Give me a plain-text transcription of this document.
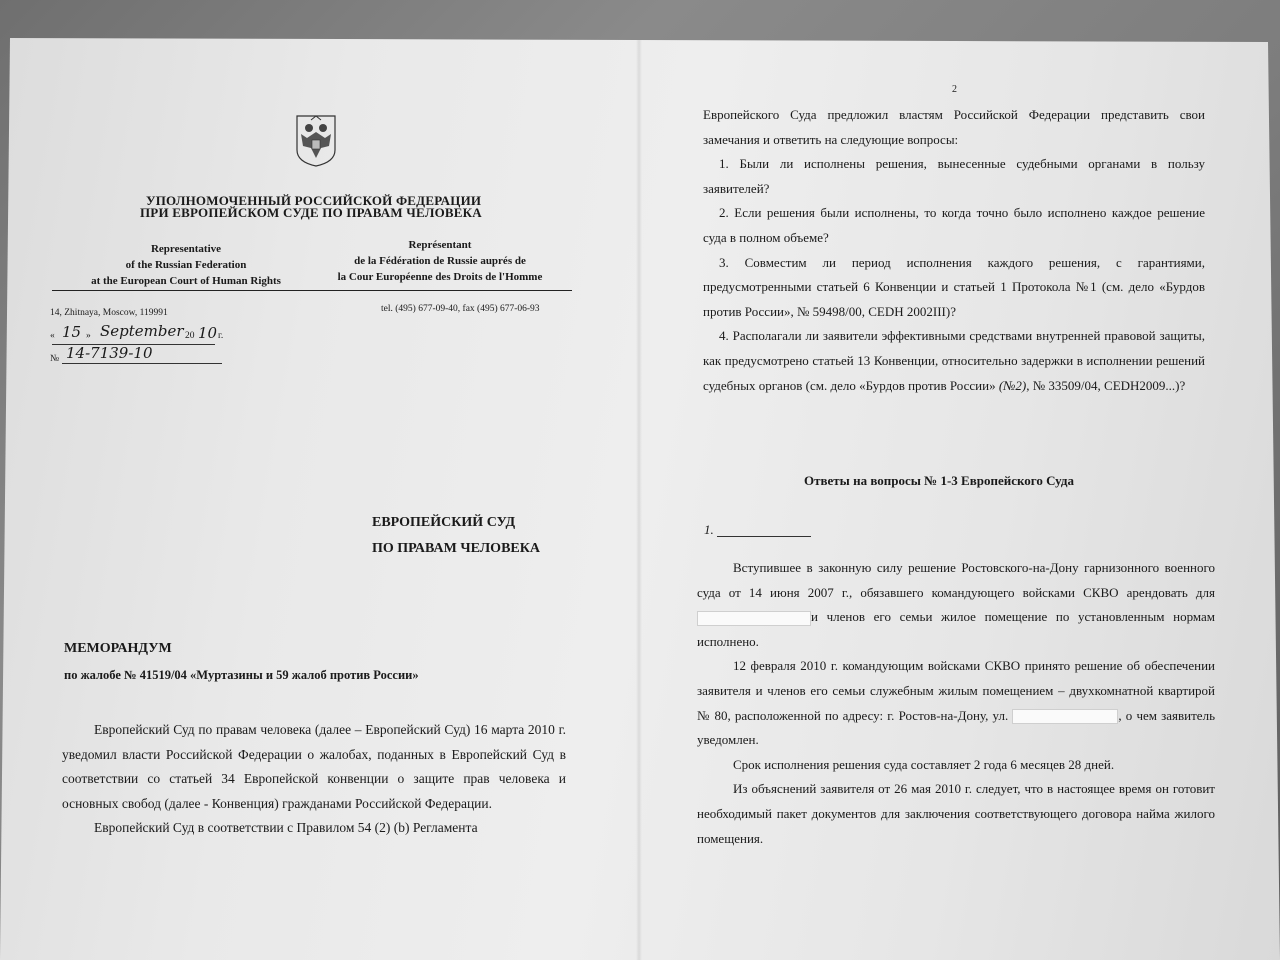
УПОЛНОМОЧЕННЫЙ РОССИЙСКОЙ ФЕДЕРАЦИИ
ПРИ ЕВРОПЕЙСКОМ СУДЕ ПО ПРАВАМ ЧЕЛОВЕКА
Representative
of the Russian Federation
at the European Court of Human Rights
Représentant
de la Fédération de Russie auprés de
la Cour Européenne des Droits de l'Homme
14, Zhitnaya, Moscow, 119991	tel. (495) 677-09-40, fax (495) 677-06-93
« 15 » September 20 10 г.
№ 14-7139-10
ЕВРОПЕЙСКИЙ СУД
ПО ПРАВАМ ЧЕЛОВЕКА
МЕМОРАНДУМ
по жалобе № 41519/04 «Муртазины и 59 жалоб против России»

Европейский Суд по правам человека (далее – Европейский Суд) 16 марта 2010 г. уведомил власти Российской Федерации о жалобах, поданных в Европейский Суд в соответствии со статьей 34 Европейской конвенции о защите прав человека и основных свобод (далее - Конвенция) гражданами Российской Федерации.

Европейский Суд в соответствии с Правилом 54 (2) (b) Регламента

2

Европейского Суда предложил властям Российской Федерации представить свои замечания и ответить на следующие вопросы:

1. Были ли исполнены решения, вынесенные судебными органами в пользу заявителей?

2. Если решения были исполнены, то когда точно было исполнено каждое решение суда в полном объеме?

3. Совместим ли период исполнения каждого решения, с гарантиями, предусмотренными статьей 6 Конвенции и статьей 1 Протокола №1 (см. дело «Бурдов против России», № 59498/00, CEDH 2002III)?

4. Располагали ли заявители эффективными средствами внутренней правовой защиты, как предусмотрено статьей 13 Конвенции, относительно задержки в исполнении решений судебных органов (см. дело «Бурдов против России» (№2), № 33509/04, CEDH2009...)?

Ответы на вопросы № 1-3 Европейского Суда
1.

Вступившее в законную силу решение Ростовского-на-Дону гарнизонного военного суда от 14 июня 2007 г., обязавшего командующего войсками СКВО арендовать для и членов его семьи жилое помещение по установленным нормам исполнено.

12 февраля 2010 г. командующим войсками СКВО принято решение об обеспечении заявителя и членов его семьи служебным жилым помещением – двухкомнатной квартирой № 80, расположенной по адресу: г. Ростов-на-Дону, ул.	, о чем заявитель уведомлен.

Срок исполнения решения суда составляет 2 года 6 месяцев 28 дней.

Из объяснений заявителя от 26 мая 2010 г. следует, что в настоящее время он готовит необходимый пакет документов для заключения соответствующего договора найма жилого помещения.
